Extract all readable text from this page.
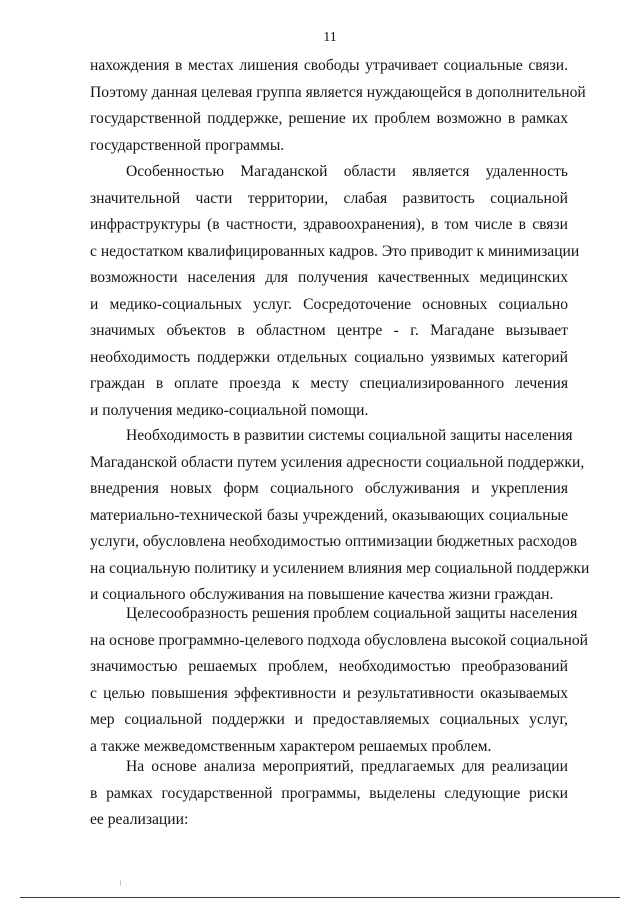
11
нахождения в местах лишения свободы утрачивает социальные связи.
Поэтому данная целевая группа является нуждающейся в дополнительной
государственной поддержке, решение их проблем возможно в рамках
государственной программы.
Особенностью Магаданской области является удаленность
значительной части территории, слабая развитость социальной
инфраструктуры (в частности, здравоохранения), в том числе в связи
с недостатком квалифицированных кадров. Это приводит к минимизации
возможности населения для получения качественных медицинских
и медико-социальных услуг. Сосредоточение основных социально
значимых объектов в областном центре - г. Магадане вызывает
необходимость поддержки отдельных социально уязвимых категорий
граждан в оплате проезда к месту специализированного лечения
и получения медико-социальной помощи.
Необходимость в развитии системы социальной защиты населения
Магаданской области путем усиления адресности социальной поддержки,
внедрения новых форм социального обслуживания и укрепления
материально-технической базы учреждений, оказывающих социальные
услуги, обусловлена необходимостью оптимизации бюджетных расходов
на социальную политику и усилением влияния мер социальной поддержки
и социального обслуживания на повышение качества жизни граждан.
Целесообразность решения проблем социальной защиты населения
на основе программно-целевого подхода обусловлена высокой социальной
значимостью решаемых проблем, необходимостью преобразований
с целью повышения эффективности и результативности оказываемых
мер социальной поддержки и предоставляемых социальных услуг,
а также межведомственным характером решаемых проблем.
На основе анализа мероприятий, предлагаемых для реализации
в рамках государственной программы, выделены следующие риски
ее реализации:
